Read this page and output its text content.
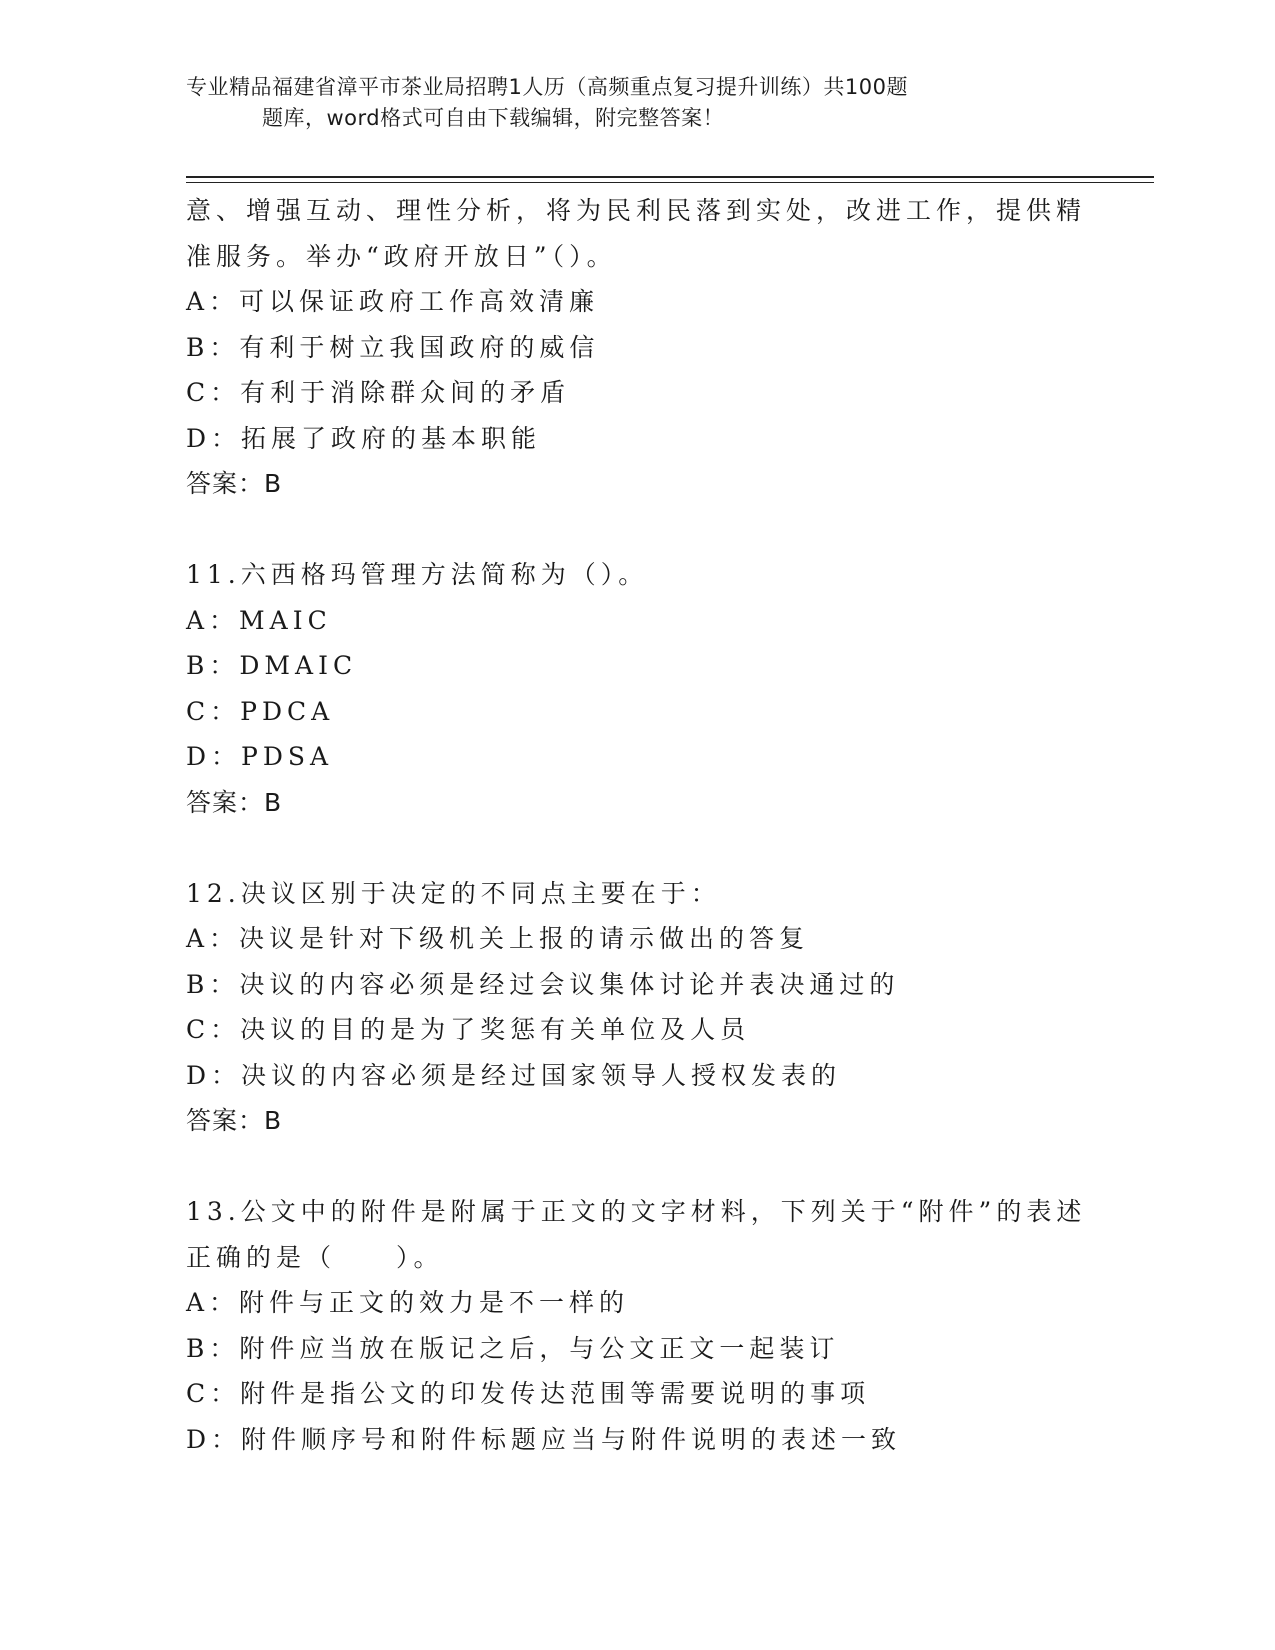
专业精品福建省漳平市茶业局招聘1人历（高频重点复习提升训练）共100题
题库，word格式可自由下载编辑，附完整答案！
意、增强互动、理性分析，将为民利民落到实处，改进工作，提供精
准服务。举办“政府开放日”（）。
A：可以保证政府工作高效清廉
B：有利于树立我国政府的威信
C：有利于消除群众间的矛盾
D：拓展了政府的基本职能
答案：B
11.六西格玛管理方法简称为（）。
A：MAIC
B：DMAIC
C：PDCA
D：PDSA
答案：B
12.决议区别于决定的不同点主要在于：
A：决议是针对下级机关上报的请示做出的答复
B：决议的内容必须是经过会议集体讨论并表决通过的
C：决议的目的是为了奖惩有关单位及人员
D：决议的内容必须是经过国家领导人授权发表的
答案：B
13.公文中的附件是附属于正文的文字材料，下列关于“附件”的表述
正确的是（　　）。
A：附件与正文的效力是不一样的
B：附件应当放在版记之后，与公文正文一起装订
C：附件是指公文的印发传达范围等需要说明的事项
D：附件顺序号和附件标题应当与附件说明的表述一致
